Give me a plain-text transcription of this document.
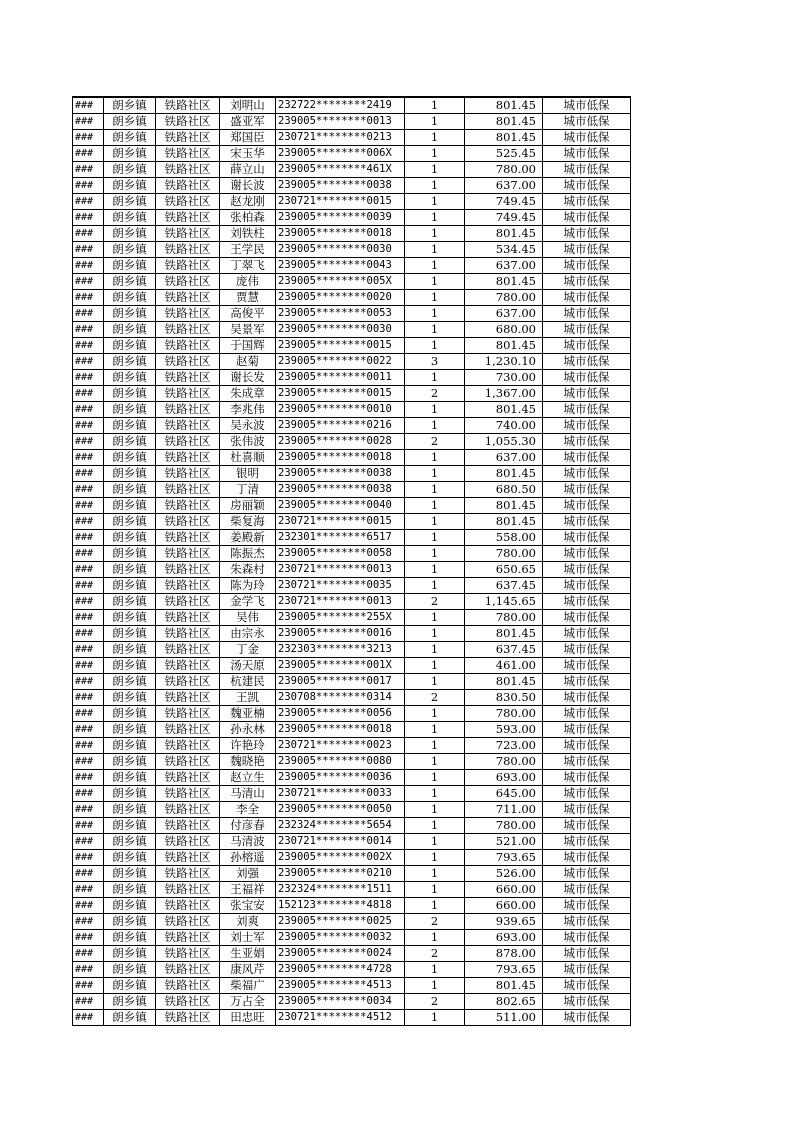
###	朗乡镇	铁路社区	刘明山	232722********2419	1	801.45	城市低保
###	朗乡镇	铁路社区	盛亚军	239005********0013	1	801.45	城市低保
###	朗乡镇	铁路社区	郑国臣	230721********0213	1	801.45	城市低保
###	朗乡镇	铁路社区	宋玉华	239005********006X	1	525.45	城市低保
###	朗乡镇	铁路社区	薛立山	239005********461X	1	780.00	城市低保
###	朗乡镇	铁路社区	谢长波	239005********0038	1	637.00	城市低保
###	朗乡镇	铁路社区	赵龙刚	230721********0015	1	749.45	城市低保
###	朗乡镇	铁路社区	张柏森	239005********0039	1	749.45	城市低保
###	朗乡镇	铁路社区	刘铁柱	239005********0018	1	801.45	城市低保
###	朗乡镇	铁路社区	王学民	239005********0030	1	534.45	城市低保
###	朗乡镇	铁路社区	丁翠飞	239005********0043	1	637.00	城市低保
###	朗乡镇	铁路社区	庞伟	239005********005X	1	801.45	城市低保
###	朗乡镇	铁路社区	贾慧	239005********0020	1	780.00	城市低保
###	朗乡镇	铁路社区	高俊平	239005********0053	1	637.00	城市低保
###	朗乡镇	铁路社区	吴景军	239005********0030	1	680.00	城市低保
###	朗乡镇	铁路社区	于国辉	239005********0015	1	801.45	城市低保
###	朗乡镇	铁路社区	赵菊	239005********0022	3	1,230.10	城市低保
###	朗乡镇	铁路社区	谢长发	239005********0011	1	730.00	城市低保
###	朗乡镇	铁路社区	朱成章	239005********0015	2	1,367.00	城市低保
###	朗乡镇	铁路社区	李兆伟	239005********0010	1	801.45	城市低保
###	朗乡镇	铁路社区	吴永波	239005********0216	1	740.00	城市低保
###	朗乡镇	铁路社区	张伟波	239005********0028	2	1,055.30	城市低保
###	朗乡镇	铁路社区	杜喜顺	239005********0018	1	637.00	城市低保
###	朗乡镇	铁路社区	银明	239005********0038	1	801.45	城市低保
###	朗乡镇	铁路社区	丁清	239005********0038	1	680.50	城市低保
###	朗乡镇	铁路社区	房丽颖	239005********0040	1	801.45	城市低保
###	朗乡镇	铁路社区	柴复海	230721********0015	1	801.45	城市低保
###	朗乡镇	铁路社区	姜殿新	232301********6517	1	558.00	城市低保
###	朗乡镇	铁路社区	陈振杰	239005********0058	1	780.00	城市低保
###	朗乡镇	铁路社区	朱森村	230721********0013	1	650.65	城市低保
###	朗乡镇	铁路社区	陈为玲	230721********0035	1	637.45	城市低保
###	朗乡镇	铁路社区	金学飞	230721********0013	2	1,145.65	城市低保
###	朗乡镇	铁路社区	吴伟	239005********255X	1	780.00	城市低保
###	朗乡镇	铁路社区	由宗永	239005********0016	1	801.45	城市低保
###	朗乡镇	铁路社区	丁金	232303********3213	1	637.45	城市低保
###	朗乡镇	铁路社区	汤天原	239005********001X	1	461.00	城市低保
###	朗乡镇	铁路社区	杭建民	239005********0017	1	801.45	城市低保
###	朗乡镇	铁路社区	王凯	230708********0314	2	830.50	城市低保
###	朗乡镇	铁路社区	魏亚楠	239005********0056	1	780.00	城市低保
###	朗乡镇	铁路社区	孙永林	239005********0018	1	593.00	城市低保
###	朗乡镇	铁路社区	许艳玲	230721********0023	1	723.00	城市低保
###	朗乡镇	铁路社区	魏晓艳	239005********0080	1	780.00	城市低保
###	朗乡镇	铁路社区	赵立生	239005********0036	1	693.00	城市低保
###	朗乡镇	铁路社区	马清山	230721********0033	1	645.00	城市低保
###	朗乡镇	铁路社区	李全	239005********0050	1	711.00	城市低保
###	朗乡镇	铁路社区	付彦春	232324********5654	1	780.00	城市低保
###	朗乡镇	铁路社区	马清波	230721********0014	1	521.00	城市低保
###	朗乡镇	铁路社区	孙榕遥	239005********002X	1	793.65	城市低保
###	朗乡镇	铁路社区	刘强	239005********0210	1	526.00	城市低保
###	朗乡镇	铁路社区	王福祥	232324********1511	1	660.00	城市低保
###	朗乡镇	铁路社区	张宝安	152123********4818	1	660.00	城市低保
###	朗乡镇	铁路社区	刘爽	239005********0025	2	939.65	城市低保
###	朗乡镇	铁路社区	刘士军	239005********0032	1	693.00	城市低保
###	朗乡镇	铁路社区	生亚娟	239005********0024	2	878.00	城市低保
###	朗乡镇	铁路社区	康风芹	239005********4728	1	793.65	城市低保
###	朗乡镇	铁路社区	柴福广	239005********4513	1	801.45	城市低保
###	朗乡镇	铁路社区	万占全	239005********0034	2	802.65	城市低保
###	朗乡镇	铁路社区	田忠旺	230721********4512	1	511.00	城市低保
